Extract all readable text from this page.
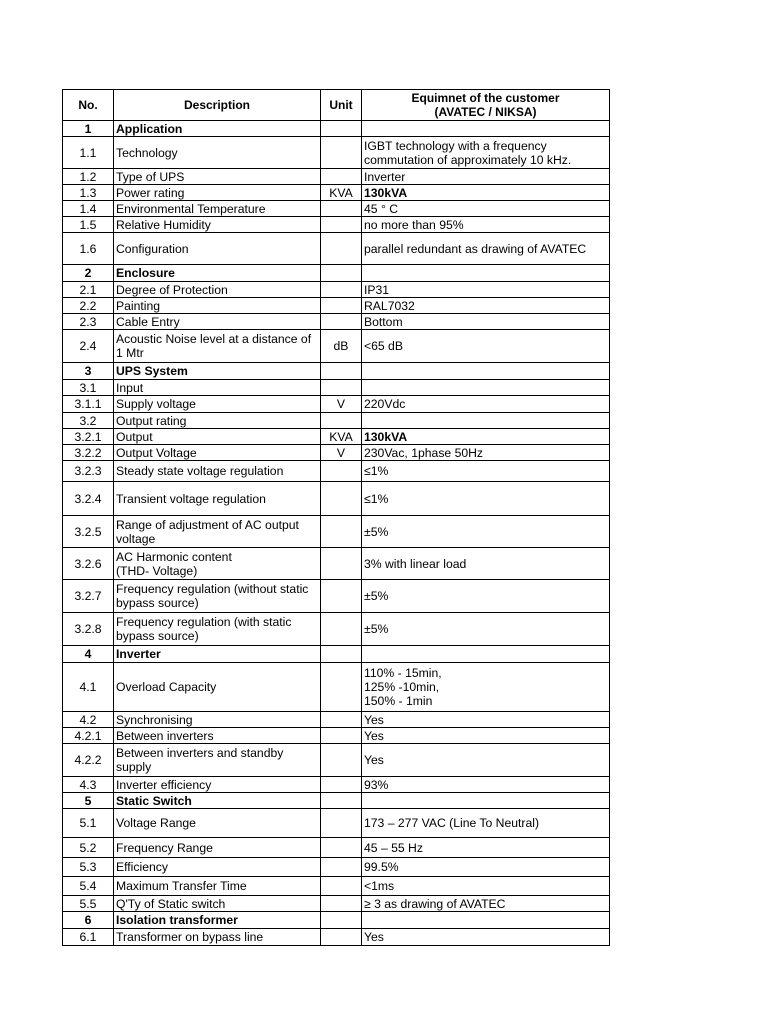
No.	Description	Unit	Equimnet of the customer
(AVATEC / NIKSA)

1	Application		
1.1	Technology		IGBT technology with a frequency commutation of approximately 10 kHz.
1.2	Type of UPS		Inverter
1.3	Power rating	KVA	130kVA
1.4	Environmental Temperature		45 ° C
1.5	Relative Humidity		no more than 95%
1.6	Configuration		parallel redundant as drawing of AVATEC
2	Enclosure		
2.1	Degree of Protection		IP31
2.2	Painting		RAL7032
2.3	Cable Entry		Bottom
2.4	Acoustic Noise level at a distance of 1 Mtr	dB	<65 dB
3	UPS System		
3.1	Input		
3.1.1	Supply voltage	V	220Vdc
3.2	Output rating		
3.2.1	Output	KVA	130kVA
3.2.2	Output Voltage	V	230Vac, 1phase 50Hz
3.2.3	Steady state voltage regulation		≤1%
3.2.4	Transient voltage regulation		≤1%
3.2.5	Range of adjustment of AC output voltage		±5%
3.2.6	AC Harmonic content
(THD- Voltage)		3% with linear load
3.2.7	Frequency regulation (without static bypass source)		±5%
3.2.8	Frequency regulation (with static bypass source)		±5%
4	Inverter		
4.1	Overload Capacity		110% - 15min,
125% -10min,
150% - 1min
4.2	Synchronising		Yes
4.2.1	Between inverters		Yes
4.2.2	Between inverters and standby supply		Yes
4.3	Inverter efficiency		93%
5	Static Switch		
5.1	Voltage Range		173 – 277 VAC (Line To Neutral)
5.2	Frequency Range		45 – 55 Hz
5.3	Efficiency		99.5%
5.4	Maximum Transfer Time		<1ms
5.5	Q'Ty of Static switch		≥ 3 as drawing of AVATEC
6	Isolation transformer		
6.1	Transformer on bypass line		Yes
